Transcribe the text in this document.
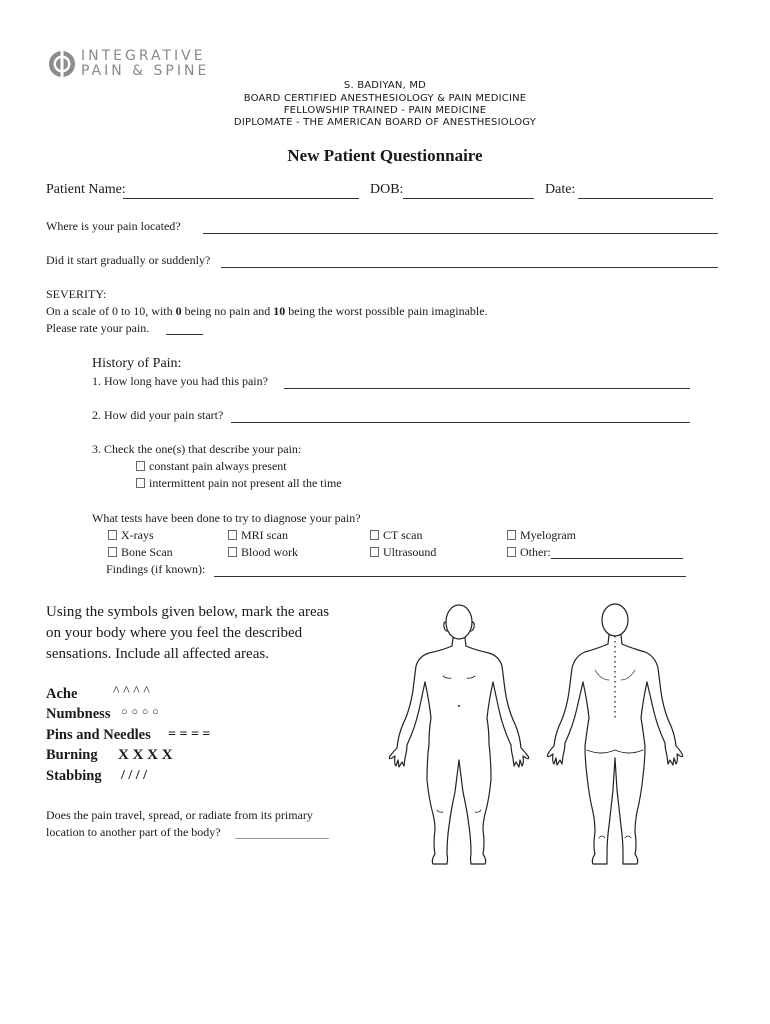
INTEGRATIVE
PAIN & SPINE
S. BADIYAN, MD
BOARD CERTIFIED ANESTHESIOLOGY & PAIN MEDICINE
FELLOWSHIP TRAINED - PAIN MEDICINE
DIPLOMATE - THE AMERICAN BOARD OF ANESTHESIOLOGY
New Patient Questionnaire
Patient Name:	DOB:	Date:
Where is your pain located?
Did it start gradually or suddenly?
SEVERITY:
On a scale of 0 to 10, with 0 being no pain and 10 being the worst possible pain imaginable.
Please rate your pain.
History of Pain:
1. How long have you had this pain?
2. How did your pain start?
3. Check the one(s) that describe your pain:
constant pain always present
intermittent pain not present all the time
What tests have been done to try to diagnose your pain?
X-rays	MRI scan	CT scan	Myelogram
Bone Scan	Blood work	Ultrasound	Other:
Findings (if known):
Using the symbols given below, mark the areas
on your body where you feel the described
sensations. Include all affected areas.
Ache	^ ^ ^ ^
Numbness ○ ○ ○ ○
Pins and Needles = = = =
Burning X X X X
Stabbing / / / /
Does the pain travel, spread, or radiate from its primary
location to another part of the body?
